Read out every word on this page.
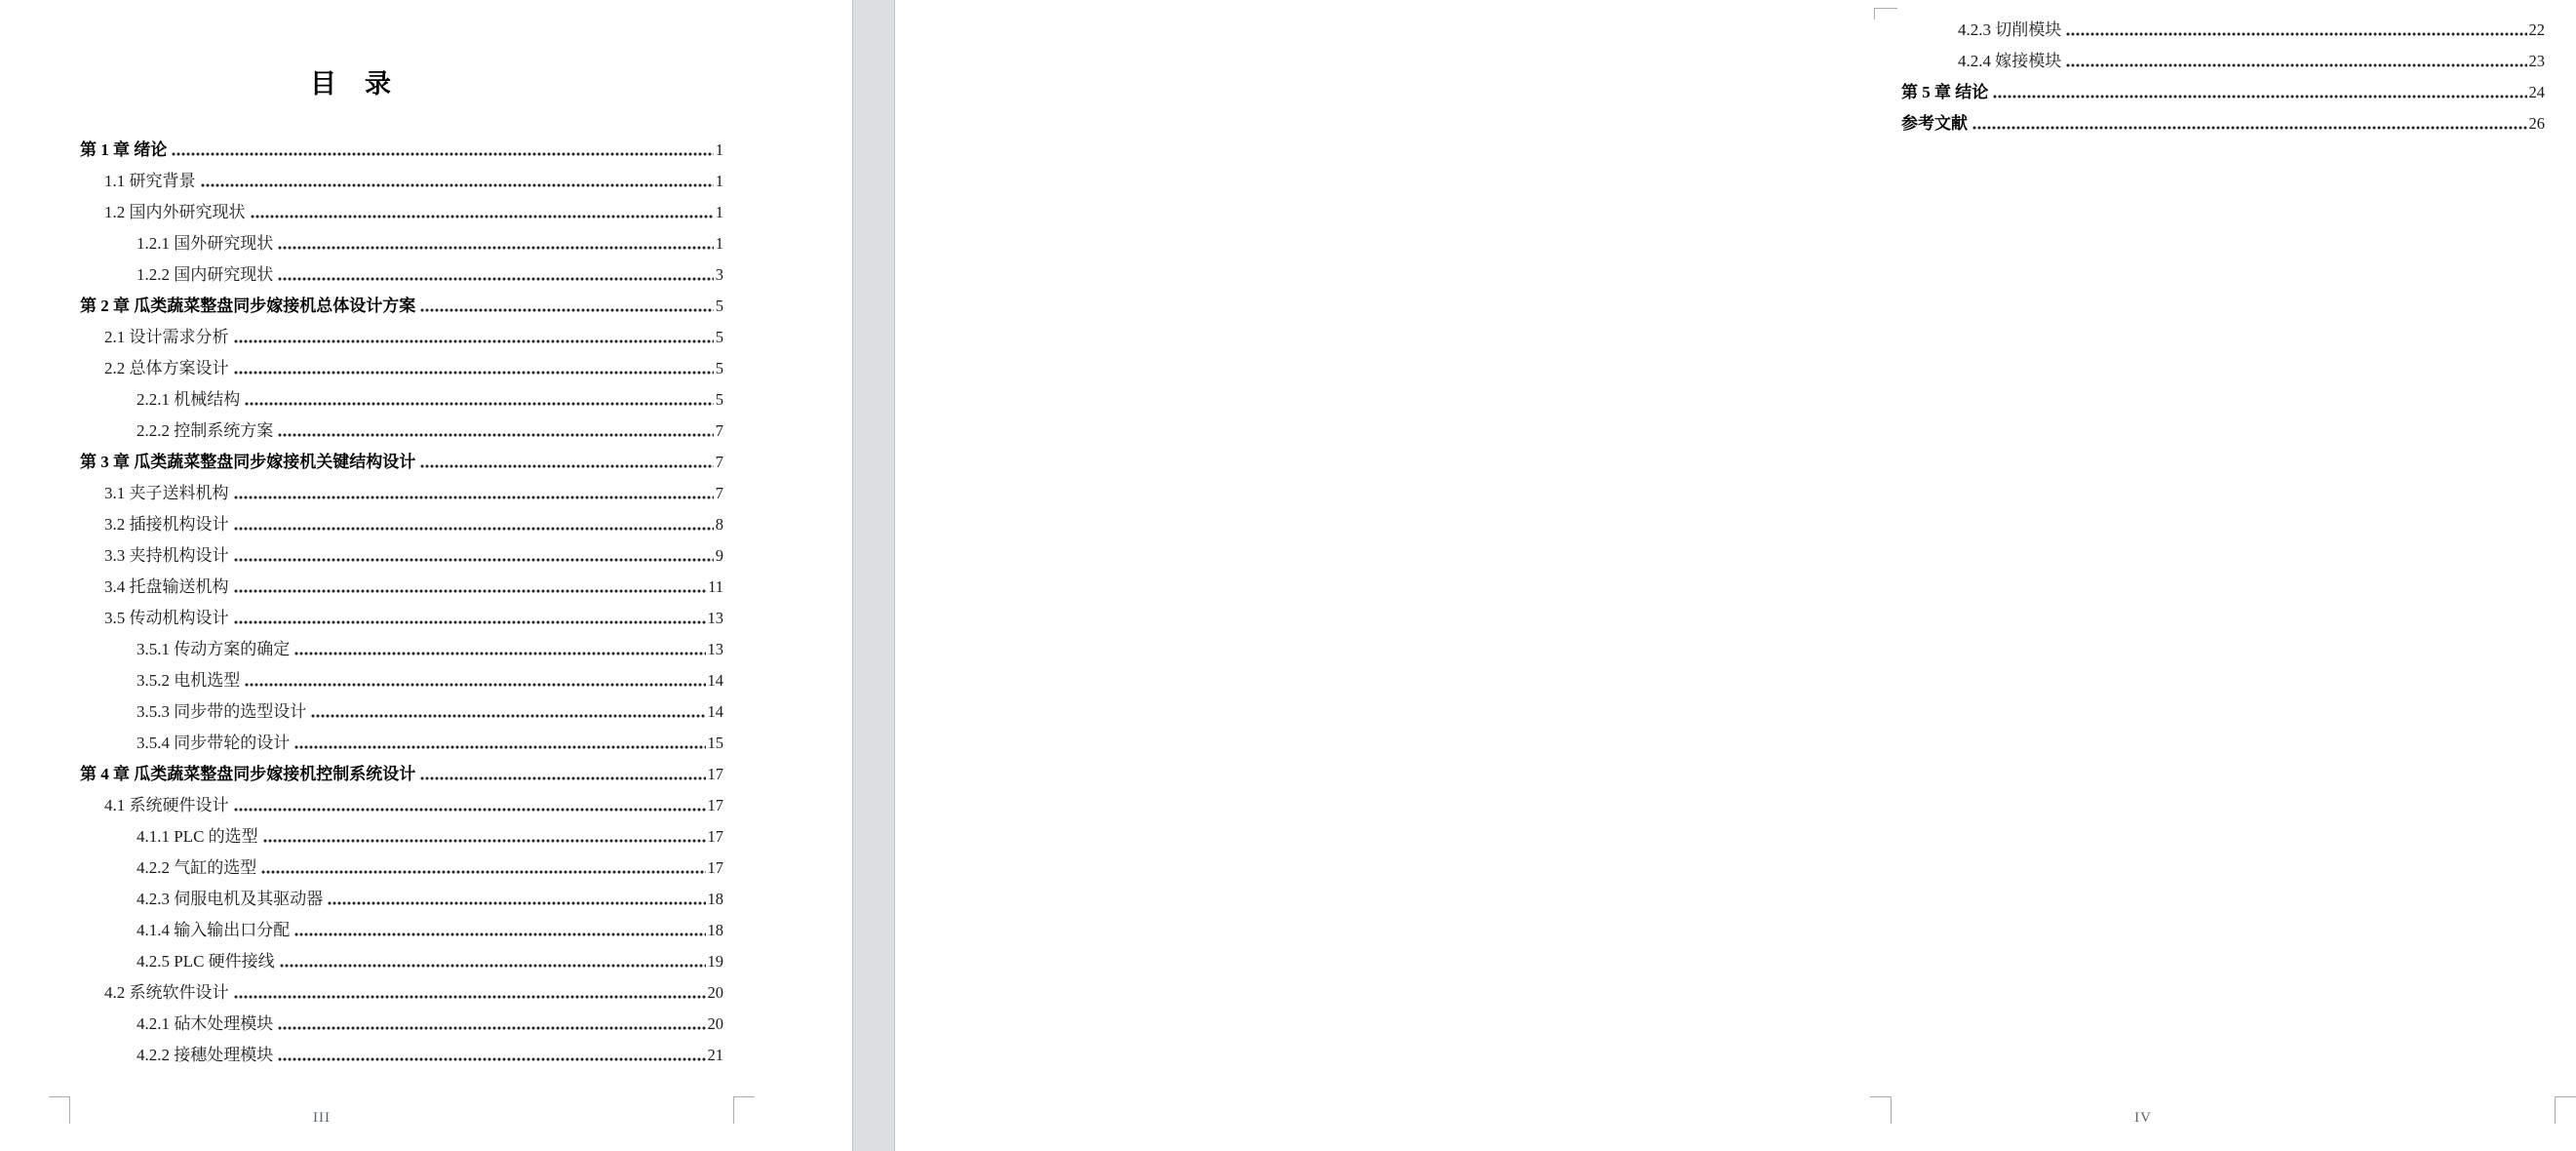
目　录
第 1 章 绪论	1
1.1 研究背景	1
1.2 国内外研究现状	1
1.2.1 国外研究现状	1
1.2.2 国内研究现状	3
第 2 章 瓜类蔬菜整盘同步嫁接机总体设计方案	5
2.1 设计需求分析	5
2.2 总体方案设计	5
2.2.1 机械结构	5
2.2.2 控制系统方案	7
第 3 章 瓜类蔬菜整盘同步嫁接机关键结构设计	7
3.1 夹子送料机构	7
3.2 插接机构设计	8
3.3 夹持机构设计	9
3.4 托盘输送机构	11
3.5 传动机构设计	13
3.5.1 传动方案的确定	13
3.5.2 电机选型	14
3.5.3 同步带的选型设计	14
3.5.4 同步带轮的设计	15
第 4 章 瓜类蔬菜整盘同步嫁接机控制系统设计	17
4.1 系统硬件设计	17
4.1.1 PLC 的选型	17
4.2.2 气缸的选型	17
4.2.3 伺服电机及其驱动器	18
4.1.4 输入输出口分配	18
4.2.5 PLC 硬件接线	19
4.2 系统软件设计	20
4.2.1 砧木处理模块	20
4.2.2 接穗处理模块	21
III
4.2.3 切削模块	22
4.2.4 嫁接模块	23
第 5 章 结论	24
参考文献	26
IV
